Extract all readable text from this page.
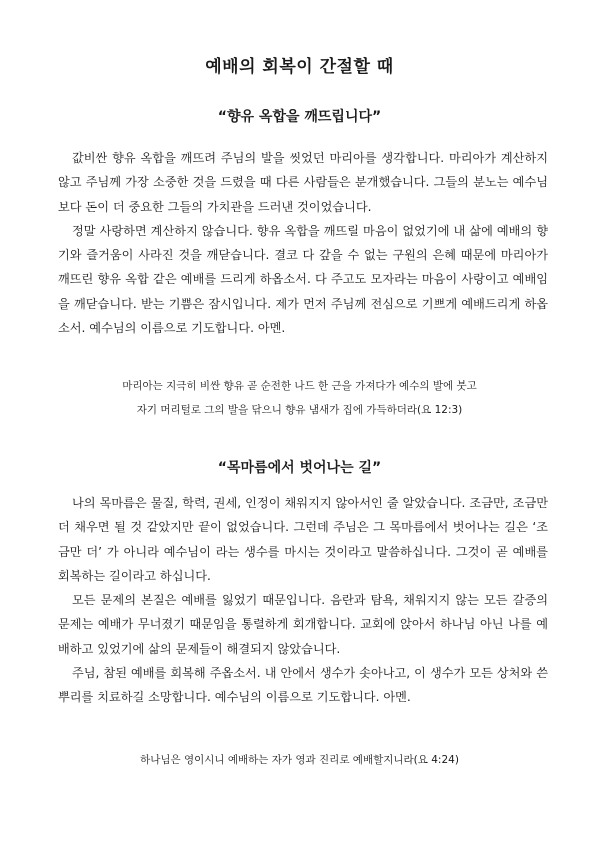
예배의 회복이 간절할 때
“향유 옥합을 깨뜨립니다”

값비싼 향유 옥합을 깨뜨려 주님의 발을 씻었던 마리아를 생각합니다. 마리아가 계산하지 않고 주님께 가장 소중한 것을 드렸을 때 다른 사람들은 분개했습니다. 그들의 분노는 예수님보다 돈이 더 중요한 그들의 가치관을 드러낸 것이었습니다.

정말 사랑하면 계산하지 않습니다. 향유 옥합을 깨뜨릴 마음이 없었기에 내 삶에 예배의 향기와 즐거움이 사라진 것을 깨닫습니다. 결코 다 갚을 수 없는 구원의 은혜 때문에 마리아가 깨뜨린 향유 옥합 같은 예배를 드리게 하옵소서. 다 주고도 모자라는 마음이 사랑이고 예배임을 깨닫습니다. 받는 기쁨은 잠시입니다. 제가 먼저 주님께 전심으로 기쁘게 예배드리게 하옵소서. 예수님의 이름으로 기도합니다. 아멘.

마리아는 지극히 비싼 향유 곧 순전한 나드 한 근을 가져다가 예수의 발에 붓고
자기 머리털로 그의 발을 닦으니 향유 냄새가 집에 가득하더라(요 12:3)
“목마름에서 벗어나는 길”

나의 목마름은 물질, 학력, 권세, 인정이 채워지지 않아서인 줄 알았습니다. 조금만, 조금만 더 채우면 될 것 같았지만 끝이 없었습니다. 그런데 주님은 그 목마름에서 벗어나는 길은 ‘조금만 더’ 가 아니라 예수님이 라는 생수를 마시는 것이라고 말씀하십니다. 그것이 곧 예배를 회복하는 길이라고 하십니다.

모든 문제의 본질은 예배를 잃었기 때문입니다. 음란과 탐욕, 채워지지 않는 모든 갈증의 문제는 예배가 무너졌기 때문임을 통렬하게 회개합니다. 교회에 앉아서 하나님 아닌 나를 예배하고 있었기에 삶의 문제들이 해결되지 않았습니다.

주님, 참된 예배를 회복해 주옵소서. 내 안에서 생수가 솟아나고, 이 생수가 모든 상처와 쓴 뿌리를 치료하길 소망합니다. 예수님의 이름으로 기도합니다. 아멘.

하나님은 영이시니 예배하는 자가 영과 진리로 예배할지니라(요 4:24)
